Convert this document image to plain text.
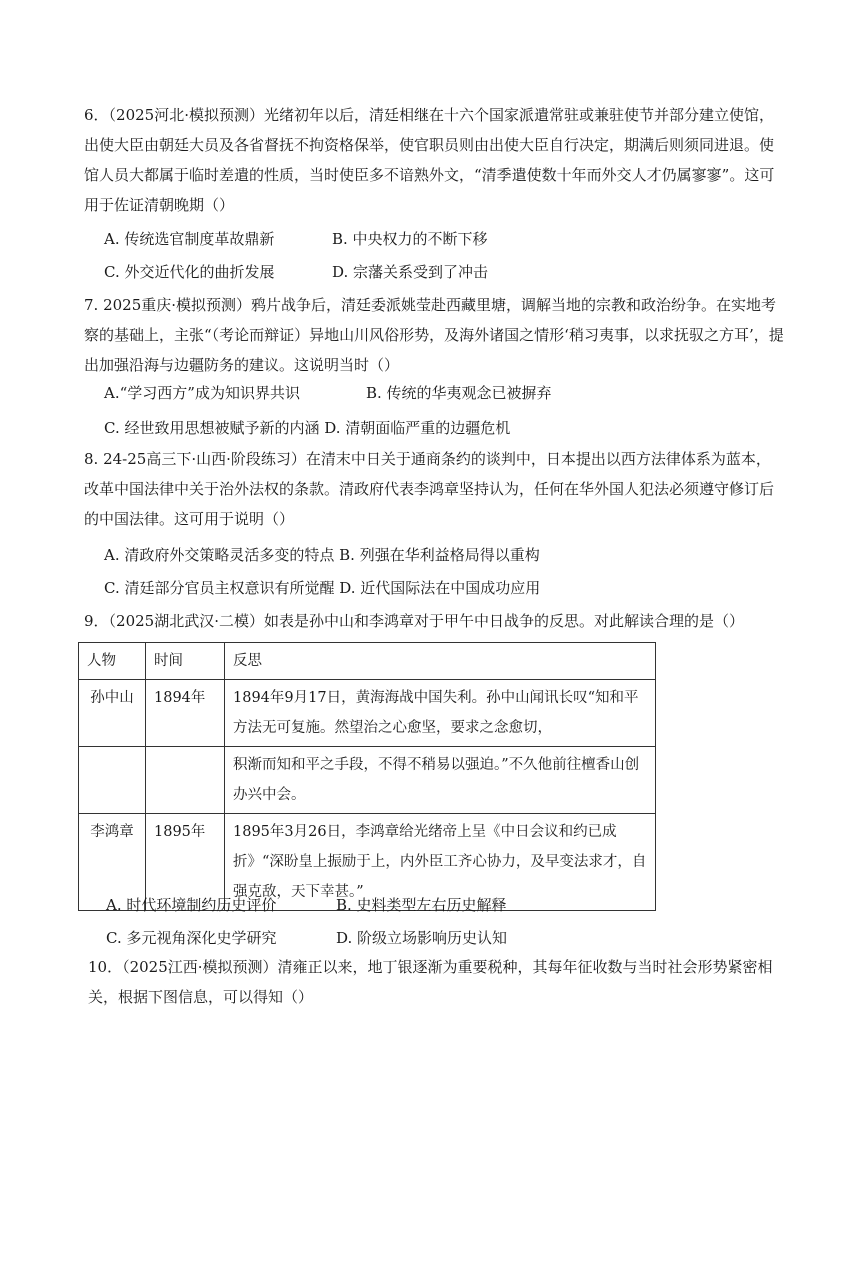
6．（2025河北·模拟预测）光绪初年以后，清廷相继在十六个国家派遣常驻或兼驻使节并部分建立使馆，出使大臣由朝廷大员及各省督抚不拘资格保举，使官职员则由出使大臣自行决定，期满后则须同进退。使馆人员大都属于临时差遣的性质，当时使臣多不谙熟外文，“清季遣使数十年而外交人才仍属寥寥”。这可用于佐证清朝晚期（）

A. 传统选官制度革故鼎新	B. 中央权力的不断下移
C. 外交近代化的曲折发展	D. 宗藩关系受到了冲击

7. 2025重庆·模拟预测）鸦片战争后，清廷委派姚莹赴西藏里塘，调解当地的宗教和政治纷争。在实地考察的基础上，主张“（考论而辩证）异地山川风俗形势，及海外诸国之情形‘稍习夷事，以求抚驭之方耳’，提出加强沿海与边疆防务的建议。这说明当时（）

A.“学习西方”成为知识界共识	B. 传统的华夷观念已被摒弃
C. 经世致用思想被赋予新的内涵 D. 清朝面临严重的边疆危机

8. 24-25高三下·山西·阶段练习）在清末中日关于通商条约的谈判中，日本提出以西方法律体系为蓝本，改革中国法律中关于治外法权的条款。清政府代表李鸿章坚持认为，任何在华外国人犯法必须遵守修订后的中国法律。这可用于说明（）

A. 清政府外交策略灵活多变的特点 B. 列强在华利益格局得以重构
C. 清廷部分官员主权意识有所觉醒 D. 近代国际法在中国成功应用

9．（2025湖北武汉·二模）如表是孙中山和李鸿章对于甲午中日战争的反思。对此解读合理的是（）

人物	时间	反思
孙中山	1894年	1894年9月17日，黄海海战中国失利。孙中山闻讯长叹“知和平方法无可复施。然望治之心愈坚，要求之念愈切，
		积渐而知和平之手段，不得不稍易以强迫。”不久他前往檀香山创办兴中会。
李鸿章	1895年	1895年3月26日，李鸿章给光绪帝上呈《中日会议和约已成折》“深盼皇上振励于上，内外臣工齐心协力，及早变法求才，自强克敌，天下幸甚。”
A. 时代环境制约历史评价	B. 史料类型左右历史解释
C. 多元视角深化史学研究	D. 阶级立场影响历史认知

10．（2025江西·模拟预测）清雍正以来，地丁银逐渐为重要税种，其每年征收数与当时社会形势紧密相关，根据下图信息，可以得知（）
